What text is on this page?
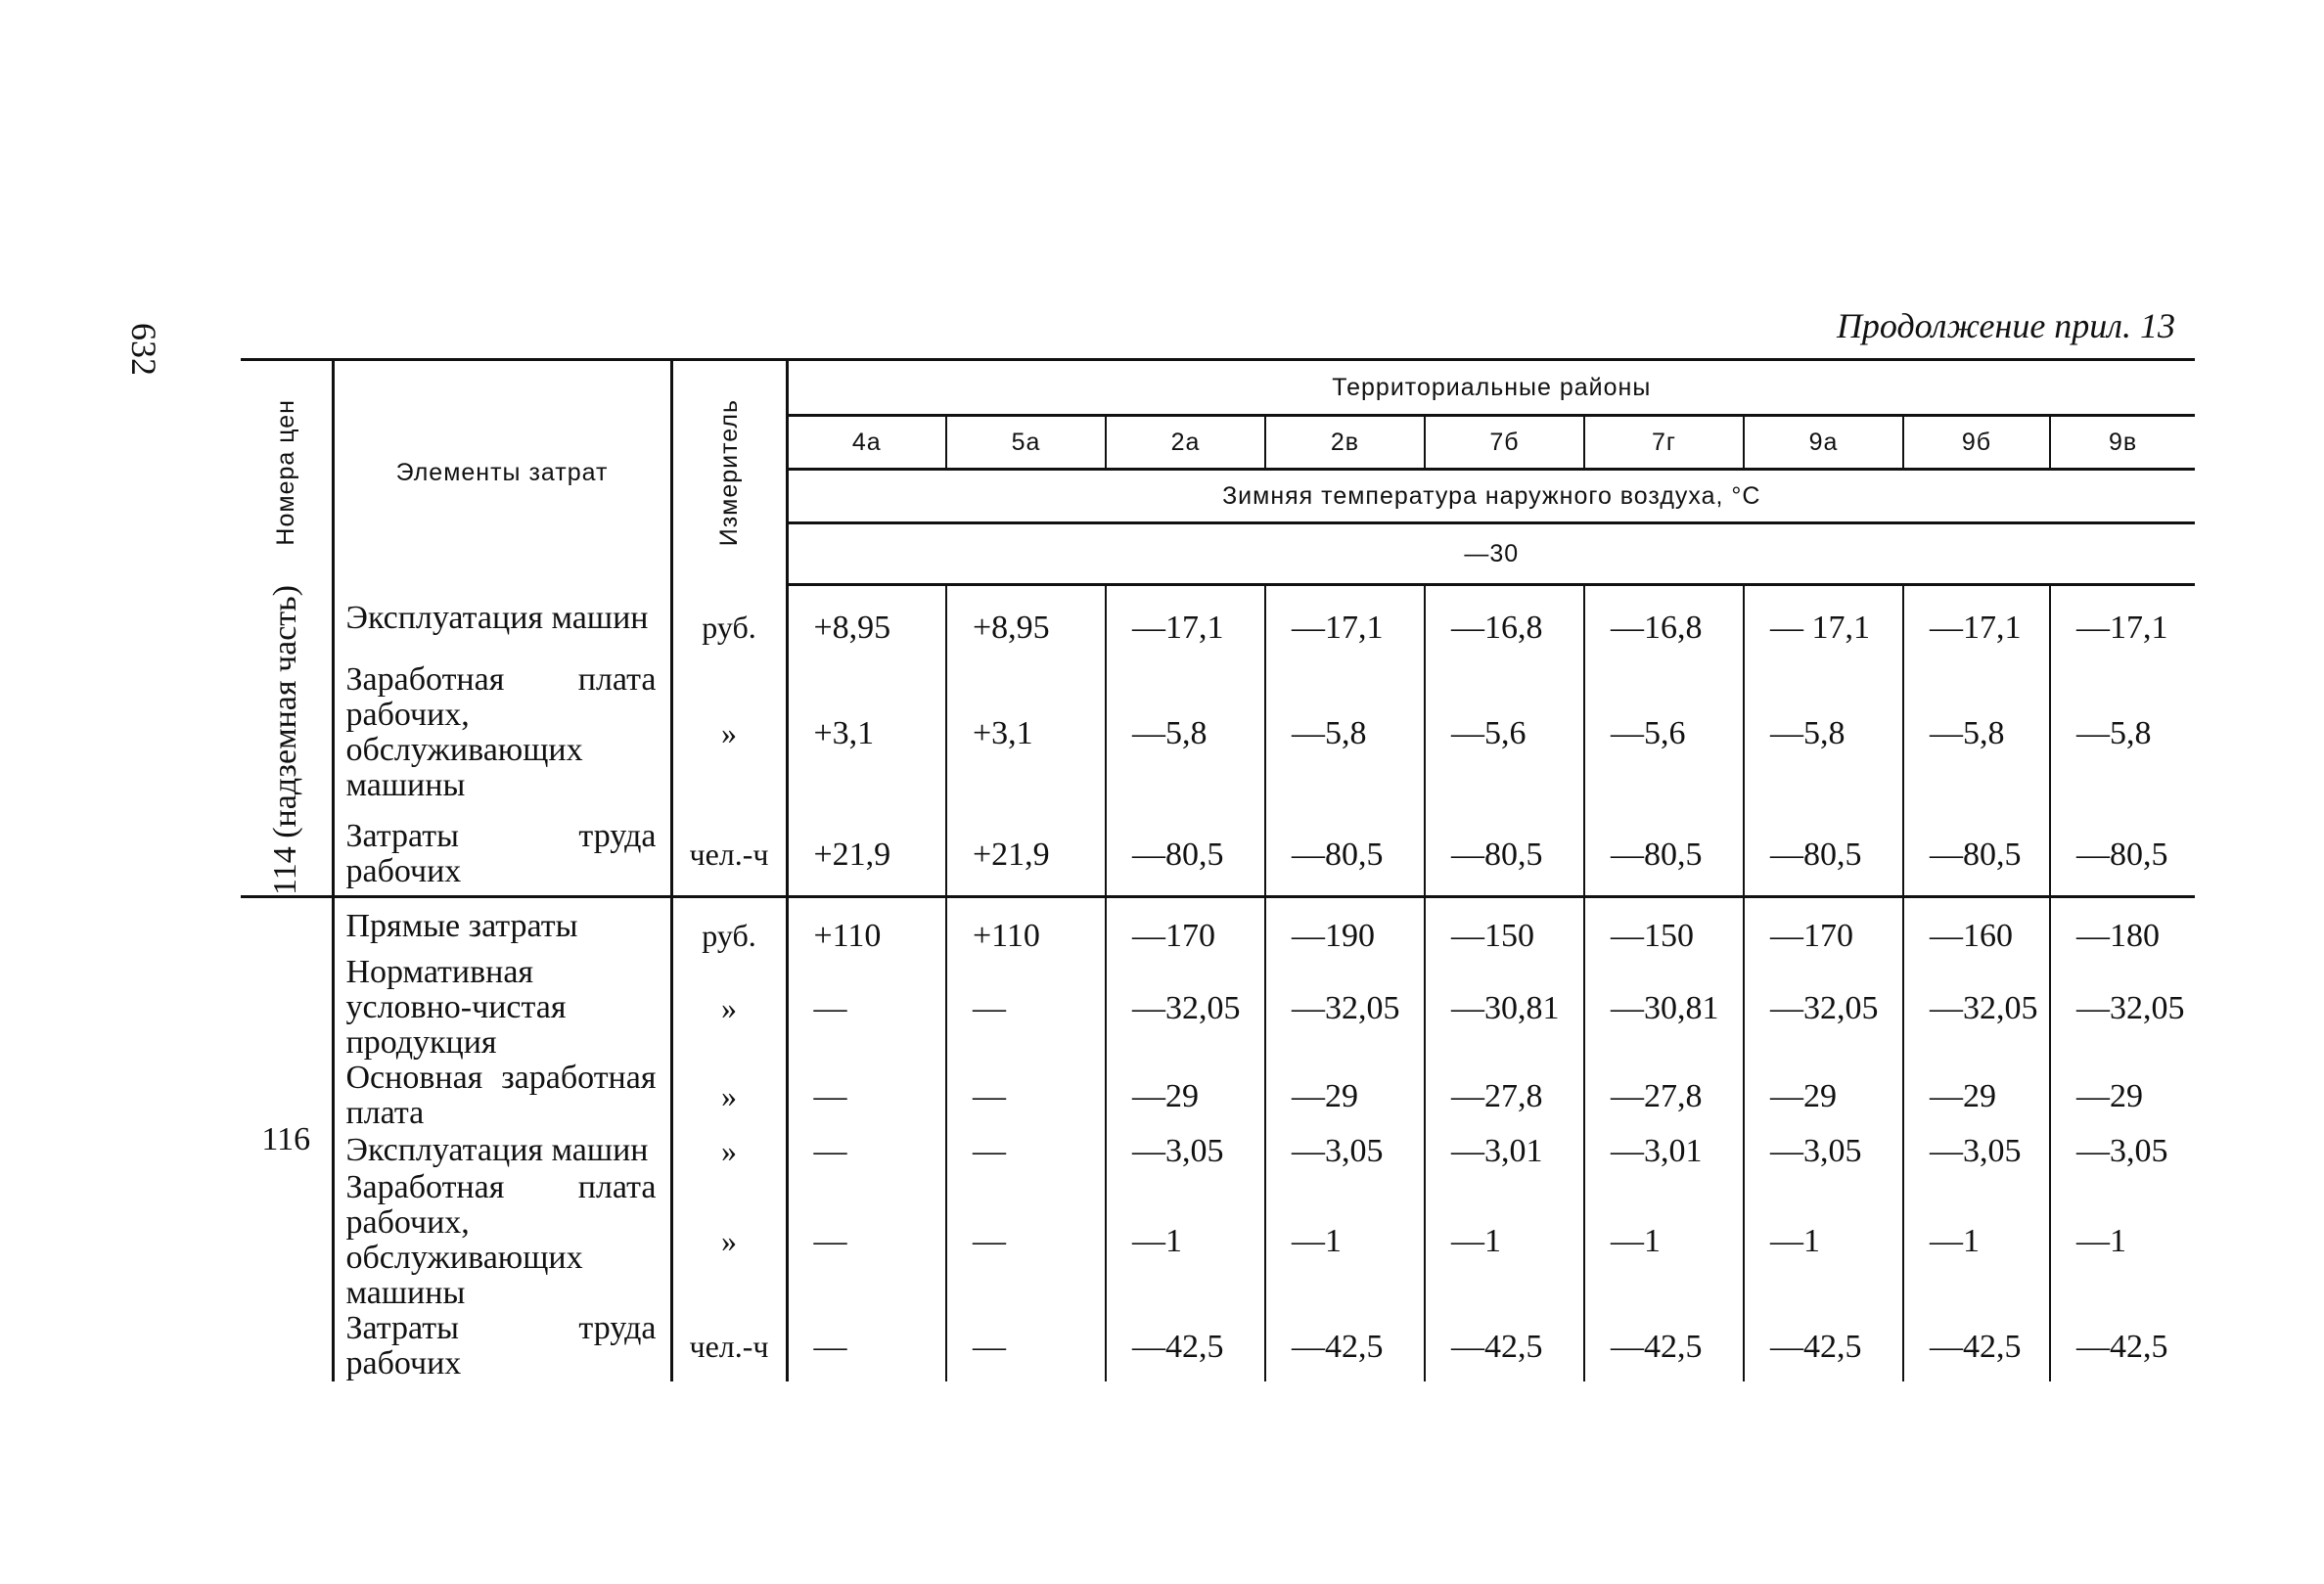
632	Продолжение прил. 13
Номера цен	Элементы затрат	Измеритель	Территориальные районы								
			4а	5а	2а	2в	7б	7г	9а	9б	9в
			Зимняя температура наружного воздуха, °С								
			—30								

114 (надземная часть)	Эксплуатация машин	руб.	+8,95	+8,95	—17,1	—17,1	—16,8	—16,8	— 17,1	—17,1	—17,1
	Заработная плата рабочих, обслуживающих машины	»	+3,1	+3,1	—5,8	—5,8	—5,6	—5,6	—5,8	—5,8	—5,8
	Затраты труда рабочих	чел.-ч	+21,9	+21,9	—80,5	—80,5	—80,5	—80,5	—80,5	—80,5	—80,5

116	Прямые затраты	руб.	+110	+110	—170	—190	—150	—150	—170	—160	—180
	Нормативная условно-чистая продукция	»	—	—	—32,05	—32,05	—30,81	—30,81	—32,05	—32,05	—32,05
	Основная заработная плата	»	—	—	—29	—29	—27,8	—27,8	—29	—29	—29
	Эксплуатация машин	»	—	—	—3,05	—3,05	—3,01	—3,01	—3,05	—3,05	—3,05
	Заработная плата рабочих, обслуживающих машины	»	—	—	—1	—1	—1	—1	—1	—1	—1
	Затраты труда рабочих	чел.-ч	—	—	—42,5	—42,5	—42,5	—42,5	—42,5	—42,5	—42,5
